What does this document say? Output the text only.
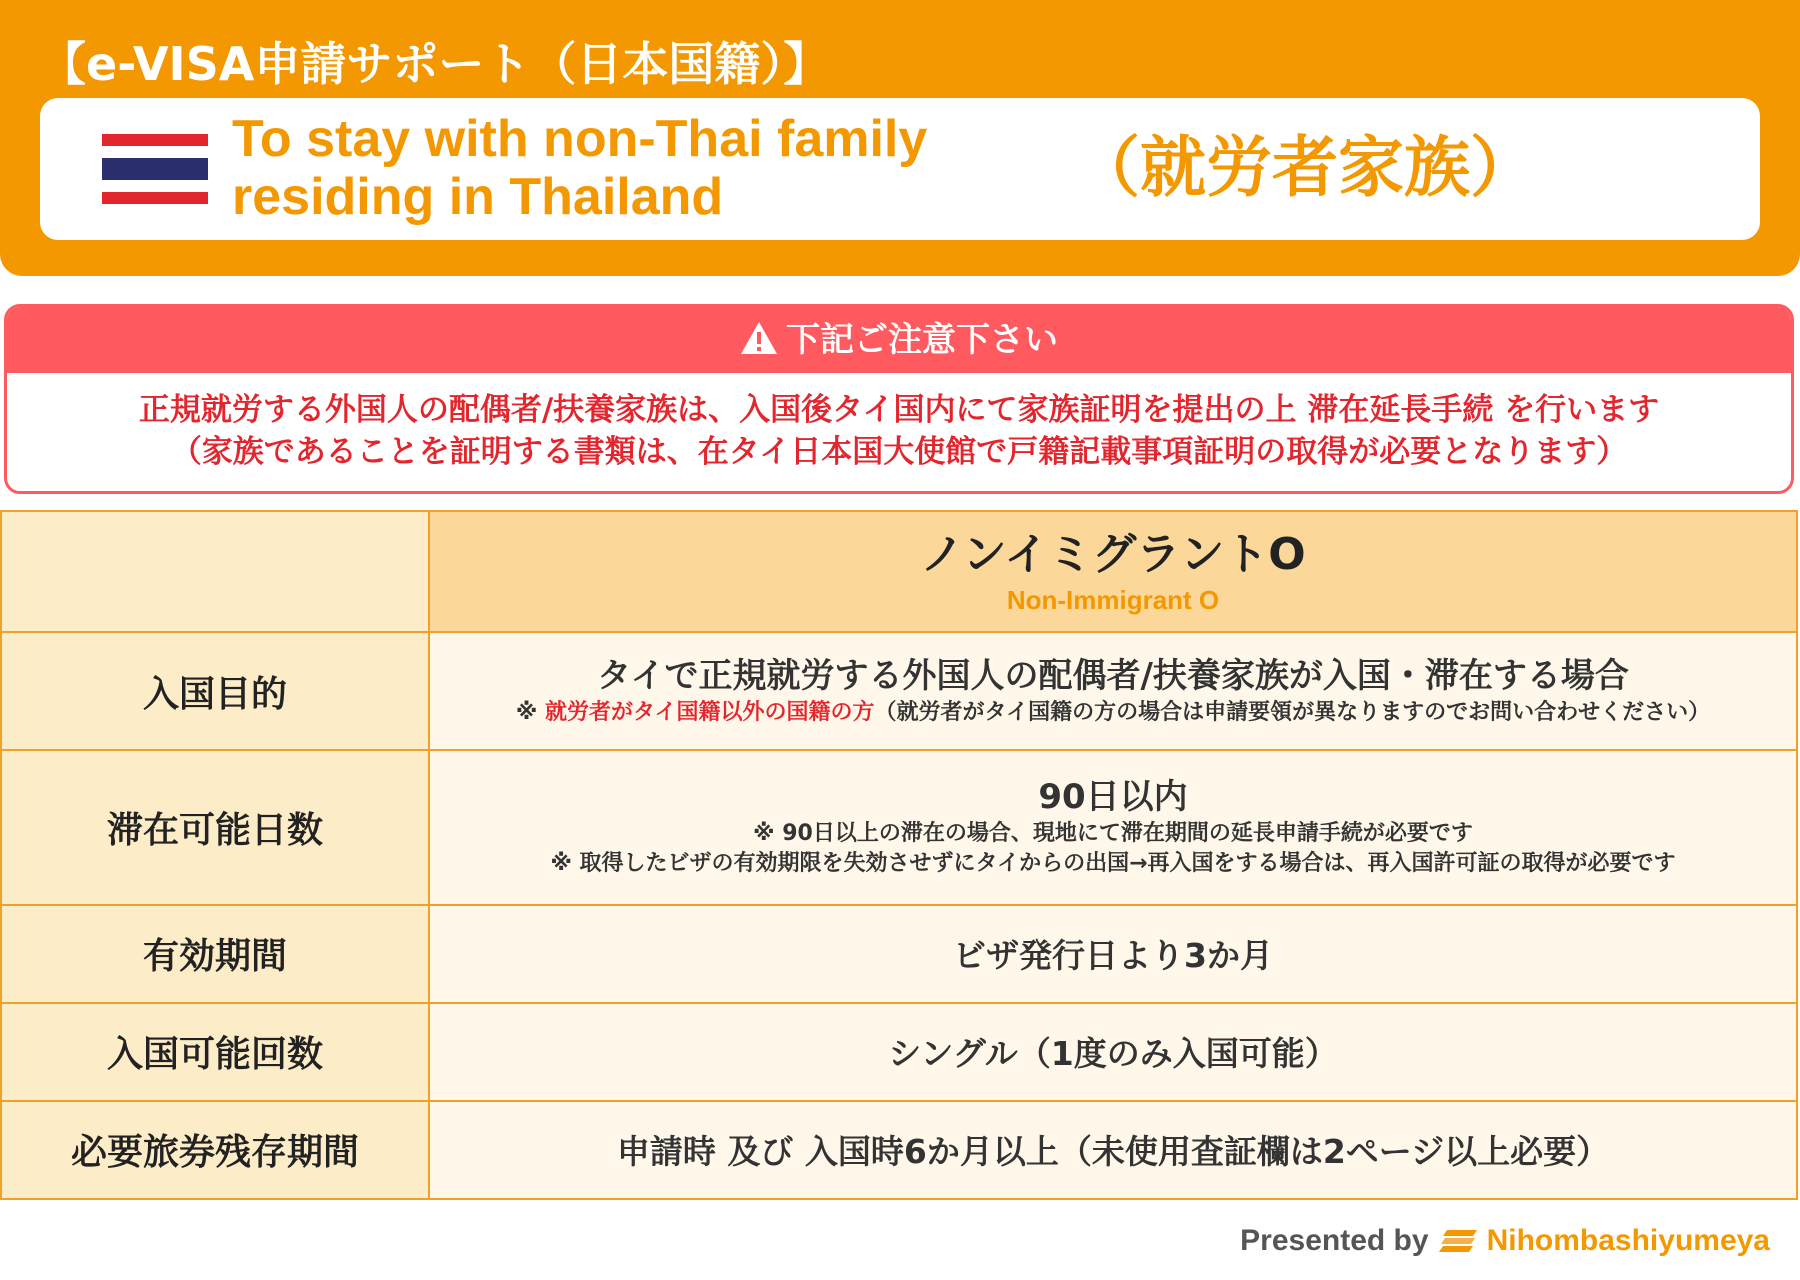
【e-VISA申請サポート（日本国籍）】
To stay with non-Thai family
residing in Thailand	（就労者家族）
下記ご注意下さい
正規就労する外国人の配偶者/扶養家族は、入国後タイ国内にて家族証明を提出の上 滞在延長手続 を行います
（家族であることを証明する書類は、在タイ日本国大使館で戸籍記載事項証明の取得が必要となります）

	ノンイミグラントO
Non-Immigrant O

入国目的	タイで正規就労する外国人の配偶者/扶養家族が入国・滞在する場合
※ 就労者がタイ国籍以外の国籍の方（就労者がタイ国籍の方の場合は申請要領が異なりますのでお問い合わせください）

滞在可能日数	90日以内
※ 90日以上の滞在の場合、現地にて滞在期間の延長申請手続が必要です
※ 取得したビザの有効期限を失効させずにタイからの出国→再入国をする場合は、再入国許可証の取得が必要です

有効期間	ビザ発行日より3か月
入国可能回数	シングル（1度のみ入国可能）
必要旅券残存期間	申請時 及び 入国時6か月以上（未使用査証欄は2ページ以上必要）
Presented by Nihombashiyumeya
